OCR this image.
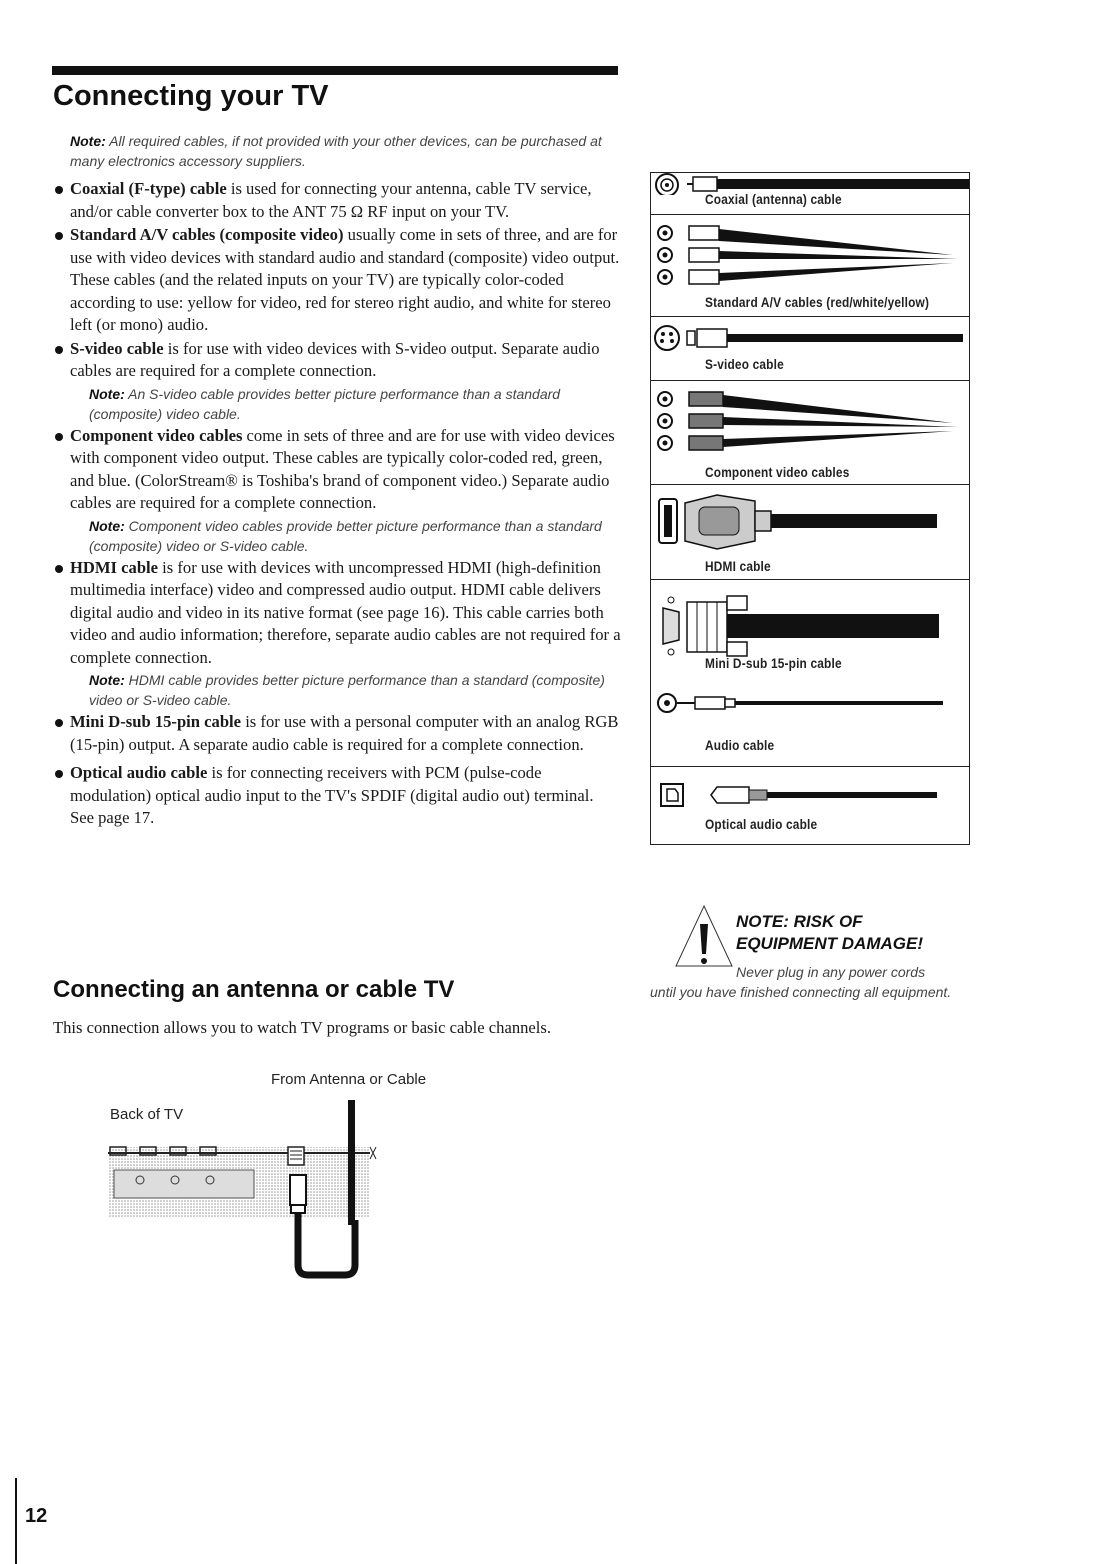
Connecting your TV
Note: All required cables, if not provided with your other devices, can be purchased at many electronics accessory suppliers.
Coaxial (F-type) cable is used for connecting your antenna, cable TV service, and/or cable converter box to the ANT 75 Ω RF input on your TV.
Standard A/V cables (composite video) usually come in sets of three, and are for use with video devices with standard audio and standard (composite) video output. These cables (and the related inputs on your TV) are typically color-coded according to use: yellow for video, red for stereo right audio, and white for stereo left (or mono) audio.
S-video cable is for use with video devices with S-video output. Separate audio cables are required for a complete connection.
Note: An S-video cable provides better picture performance than a standard (composite) video cable.
Component video cables come in sets of three and are for use with video devices with component video output. These cables are typically color-coded red, green, and blue. (ColorStream® is Toshiba's brand of component video.) Separate audio cables are required for a complete connection.
Note: Component video cables provide better picture performance than a standard (composite) video or S-video cable.
HDMI cable is for use with devices with uncompressed HDMI (high-definition multimedia interface) video and compressed audio output. HDMI cable delivers digital audio and video in its native format (see page 16). This cable carries both video and audio information; therefore, separate audio cables are not required for a complete connection.
Note: HDMI cable provides better picture performance than a standard (composite) video or S-video cable.
Mini D-sub 15-pin cable is for use with a personal computer with an analog RGB (15-pin) output. A separate audio cable is required for a complete connection.
Optical audio cable is for connecting receivers with PCM (pulse-code modulation) optical audio input to the TV's SPDIF (digital audio out) terminal. See page 17.
Connecting an antenna or cable TV
This connection allows you to watch TV programs or basic cable channels.
From Antenna or Cable
Back of TV
Coaxial (antenna) cable
Standard A/V cables (red/white/yellow)
S-video cable
Component video cables
HDMI cable
Mini D-sub 15-pin cable
Audio cable
Optical audio cable
NOTE: RISK OF
EQUIPMENT DAMAGE!
Never plug in any power cords
until you have finished connecting all equipment.
12
